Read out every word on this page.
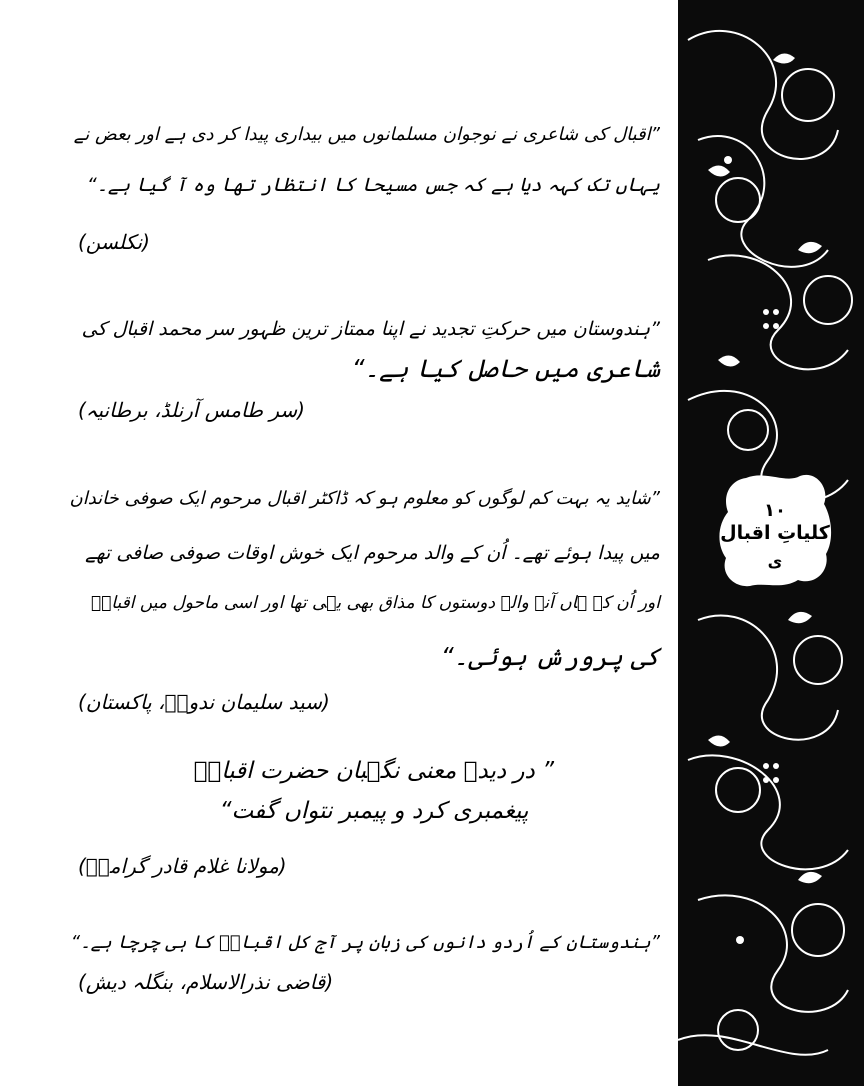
”اقبال کی شاعری نے نوجوان مسلمانوں میں بیداری پیدا کر دی ہے اور بعض نے
یہاں تک کہہ دیا ہے کہ جس مسیحا کا انتظار تھا وہ آ گیا ہے۔“
(نکلسن)
”ہندوستان میں حرکتِ تجدید نے اپنا ممتاز ترین ظہور سر محمد اقبال کی
شاعری میں حاصل کیا ہے۔“
(سر طامس آرنلڈ، برطانیہ)
”شاید یہ بہت کم لوگوں کو معلوم ہو کہ ڈاکٹر اقبال مرحوم ایک صوفی خاندان
میں پیدا ہوئے تھے۔ اُن کے والد مرحوم ایک خوش اوقات صوفی صافی تھے
اور اُن کے ہاں آنے والے دوستوں کا مذاق بھی یہی تھا اور اسی ماحول میں اقبالؒ
کی پرورش ہوئی۔“
(سید سلیمان ندویؒ، پاکستان)
” در دیدۂ معنی نگہبان حضرت اقبالؒ
پیغمبری کرد و پیمبر نتواں گفت“
(مولانا غلام قادر گرامیؒ)
”ہندوستان کے اُردو دانوں کی زبان پر آج کل اقبالؒ کا ہی چرچا ہے۔“
(قاضی نذرالاسلام، بنگلہ دیش)
۱۰
کلیاتِ اقبال
ی
